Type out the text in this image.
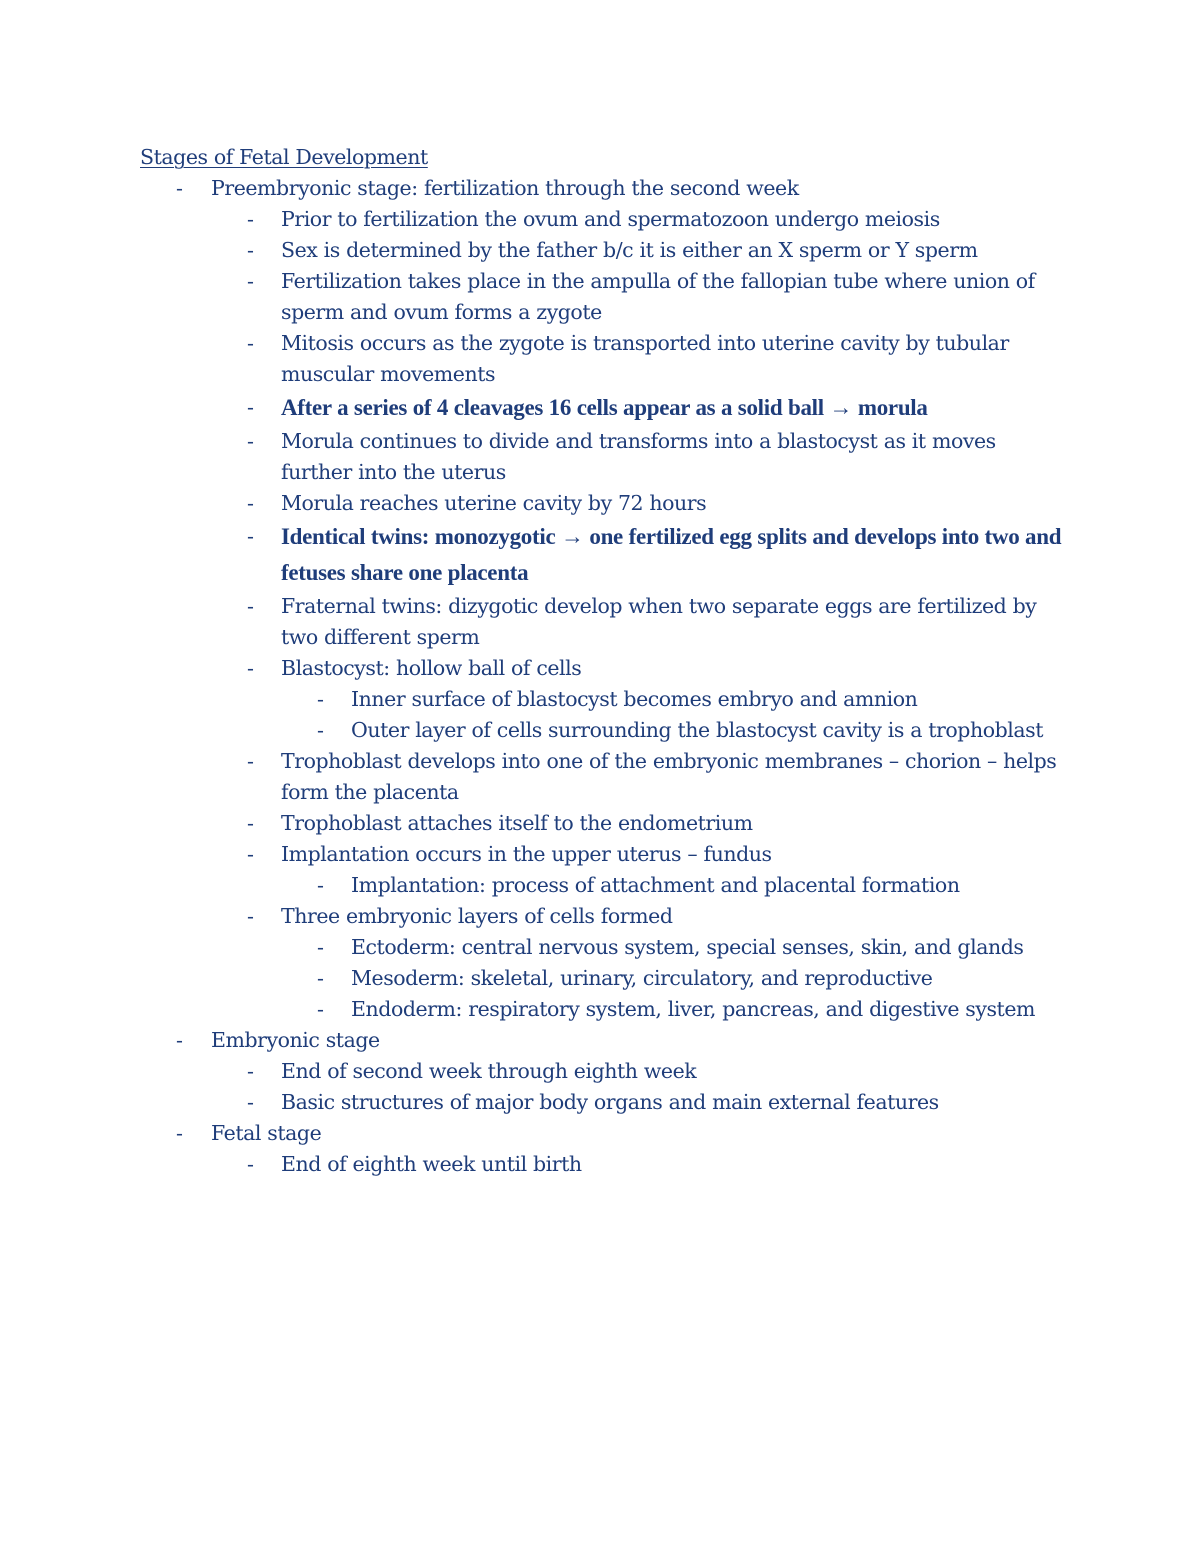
Stages of Fetal Development
- Preembryonic stage: fertilization through the second week
- Prior to fertilization the ovum and spermatozoon undergo meiosis
- Sex is determined by the father b/c it is either an X sperm or Y sperm
- Fertilization takes place in the ampulla of the fallopian tube where union of sperm and ovum forms a zygote
- Mitosis occurs as the zygote is transported into uterine cavity by tubular muscular movements
- After a series of 4 cleavages 16 cells appear as a solid ball → morula
- Morula continues to divide and transforms into a blastocyst as it moves further into the uterus
- Morula reaches uterine cavity by 72 hours
- Identical twins: monozygotic → one fertilized egg splits and develops into two and fetuses share one placenta
- Fraternal twins: dizygotic develop when two separate eggs are fertilized by two different sperm
- Blastocyst: hollow ball of cells
- Inner surface of blastocyst becomes embryo and amnion
- Outer layer of cells surrounding the blastocyst cavity is a trophoblast
- Trophoblast develops into one of the embryonic membranes – chorion – helps form the placenta
- Trophoblast attaches itself to the endometrium
- Implantation occurs in the upper uterus – fundus
- Implantation: process of attachment and placental formation
- Three embryonic layers of cells formed
- Ectoderm: central nervous system, special senses, skin, and glands
- Mesoderm: skeletal, urinary, circulatory, and reproductive
- Endoderm: respiratory system, liver, pancreas, and digestive system
- Embryonic stage
- End of second week through eighth week
- Basic structures of major body organs and main external features
- Fetal stage
- End of eighth week until birth
